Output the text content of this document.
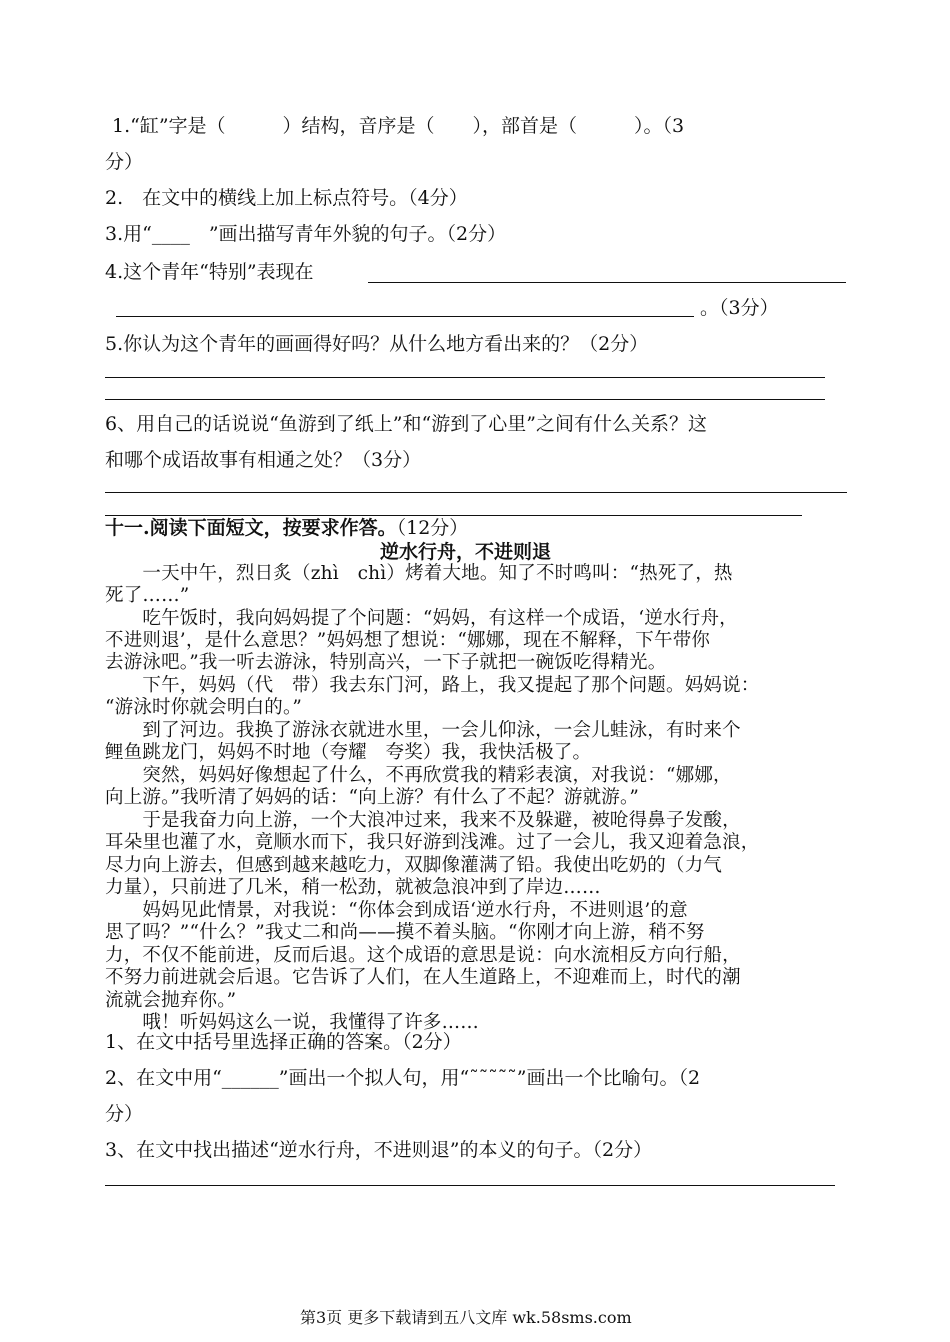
1.“缸”字是（　　　）结构，音序是（　　），部首是（　　　）。（3
分）
2.　在文中的横线上加上标点符号。（4分）
3.用“____　”画出描写青年外貌的句子。（2分）
4.这个青年“特别”表现在
。（3分）
5.你认为这个青年的画画得好吗？从什么地方看出来的？（2分）
6、用自己的话说说“鱼游到了纸上”和“游到了心里”之间有什么关系？这
和哪个成语故事有相通之处？（3分）
十一.阅读下面短文，按要求作答。（12分）
逆水行舟，不进则退
　　一天中午，烈日炙（zhì　chì）烤着大地。知了不时鸣叫：“热死了，热
死了……”
　　吃午饭时，我向妈妈提了个问题：“妈妈，有这样一个成语，‘逆水行舟，
不进则退’，是什么意思？”妈妈想了想说：“娜娜，现在不解释，下午带你
去游泳吧。”我一听去游泳，特别高兴，一下子就把一碗饭吃得精光。
　　下午，妈妈（代　带）我去东门河，路上，我又提起了那个问题。妈妈说：
“游泳时你就会明白的。”
　　到了河边。我换了游泳衣就进水里，一会儿仰泳，一会儿蛙泳，有时来个
鲤鱼跳龙门，妈妈不时地（夸耀　夸奖）我，我快活极了。
　　突然，妈妈好像想起了什么，不再欣赏我的精彩表演，对我说：“娜娜，
向上游。”我听清了妈妈的话：“向上游？有什么了不起？游就游。”
　　于是我奋力向上游，一个大浪冲过来，我来不及躲避，被呛得鼻子发酸，
耳朵里也灌了水，竟顺水而下，我只好游到浅滩。过了一会儿，我又迎着急浪，
尽力向上游去，但感到越来越吃力，双脚像灌满了铅。我使出吃奶的（力气
力量），只前进了几米，稍一松劲，就被急浪冲到了岸边……
　　妈妈见此情景，对我说：“你体会到成语‘逆水行舟，不进则退’的意
思了吗？”“什么？”我丈二和尚——摸不着头脑。“你刚才向上游，稍不努
力，不仅不能前进，反而后退。这个成语的意思是说：向水流相反方向行船，
不努力前进就会后退。它告诉了人们，在人生道路上，不迎难而上，时代的潮
流就会抛弃你。”
　　哦！听妈妈这么一说，我懂得了许多……
1、在文中括号里选择正确的答案。（2分）
2、在文中用“______”画出一个拟人句，用“˜˜˜˜˜”画出一个比喻句。（2
分）
3、在文中找出描述“逆水行舟，不进则退”的本义的句子。（2分）
第3页 更多下载请到五八文库 wk.58sms.com
